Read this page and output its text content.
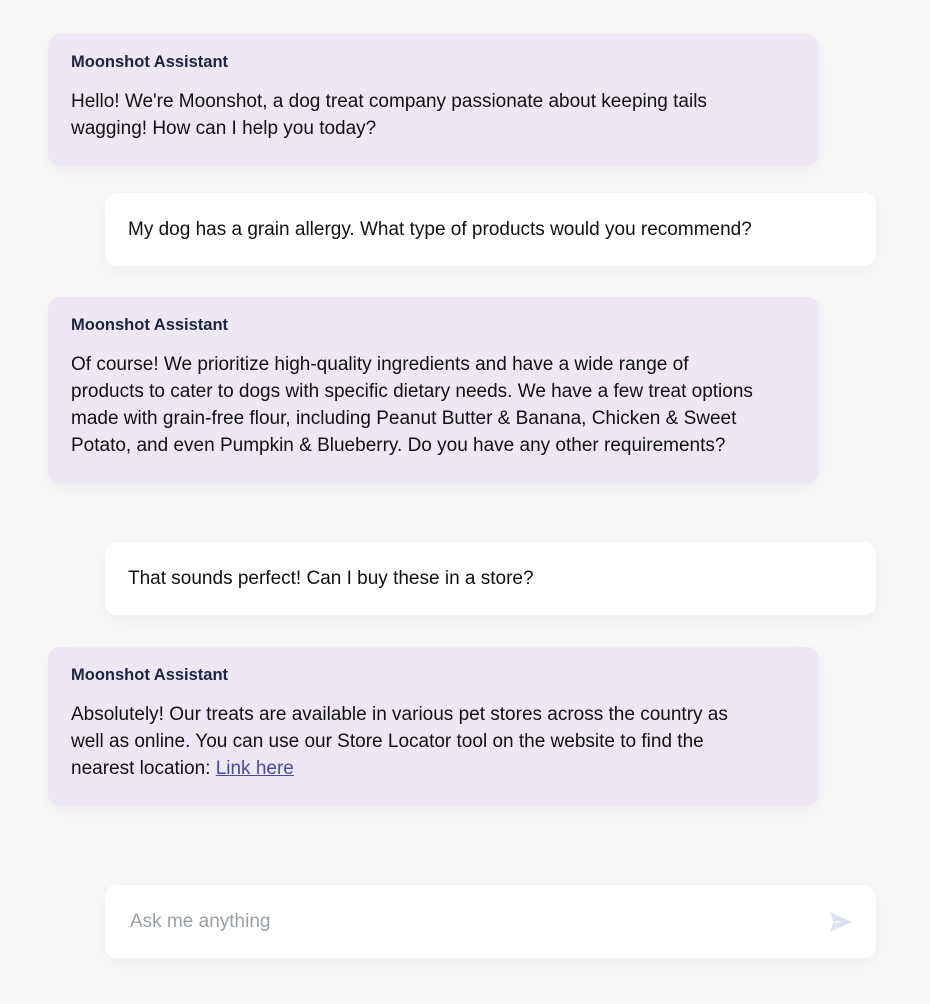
Moonshot Assistant
Hello! We're Moonshot, a dog treat company passionate about keeping tails wagging! How can I help you today?
My dog has a grain allergy. What type of products would you recommend?
Moonshot Assistant
Of course! We prioritize high-quality ingredients and have a wide range of products to cater to dogs with specific dietary needs. We have a few treat options made with grain-free flour, including Peanut Butter & Banana, Chicken & Sweet Potato, and even Pumpkin & Blueberry. Do you have any other requirements?
That sounds perfect! Can I buy these in a store?
Moonshot Assistant
Absolutely! Our treats are available in various pet stores across the country as well as online. You can use our Store Locator tool on the website to find the nearest location: Link here
Ask me anything
